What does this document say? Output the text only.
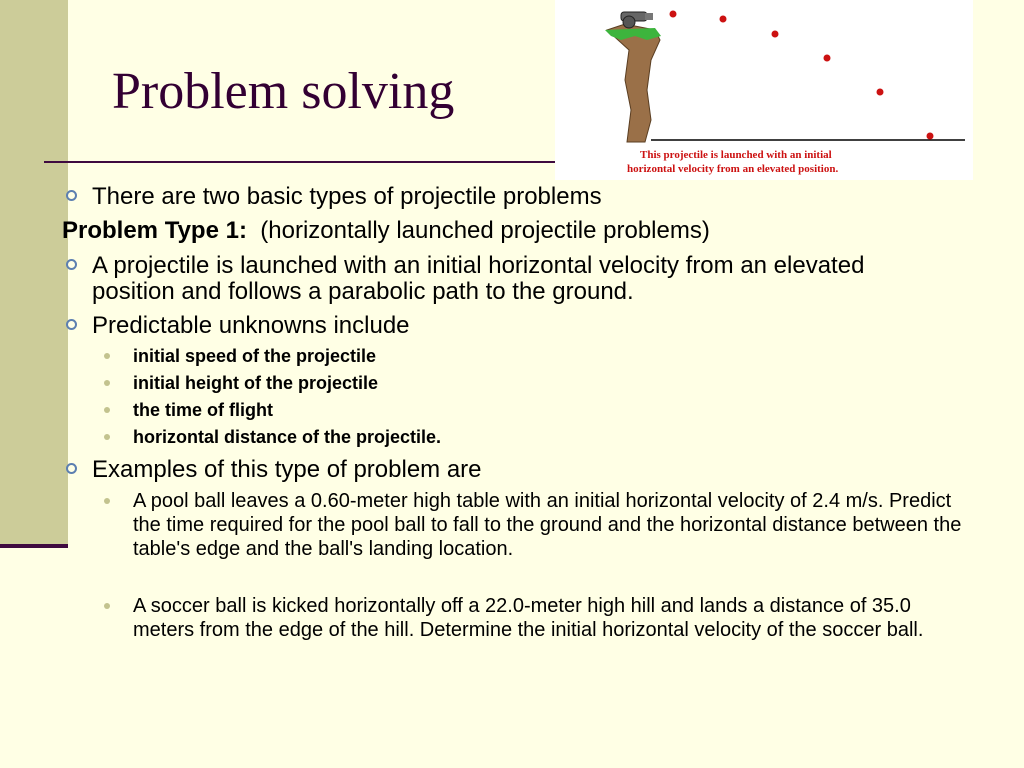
Problem solving
This projectile is launched with an initial
horizontal velocity from an elevated position.
There are two basic types of projectile problems
Problem Type 1: (horizontally launched projectile problems)
A projectile is launched with an initial horizontal velocity from an elevated position and follows a parabolic path to the ground.
Predictable unknowns include
initial speed of the projectile
initial height of the projectile
the time of flight
horizontal distance of the projectile.
Examples of this type of problem are
A pool ball leaves a 0.60-meter high table with an initial horizontal velocity of 2.4 m/s. Predict the time required for the pool ball to fall to the ground and the horizontal distance between the table's edge and the ball's landing location.
A soccer ball is kicked horizontally off a 22.0-meter high hill and lands a distance of 35.0 meters from the edge of the hill. Determine the initial horizontal velocity of the soccer ball.
